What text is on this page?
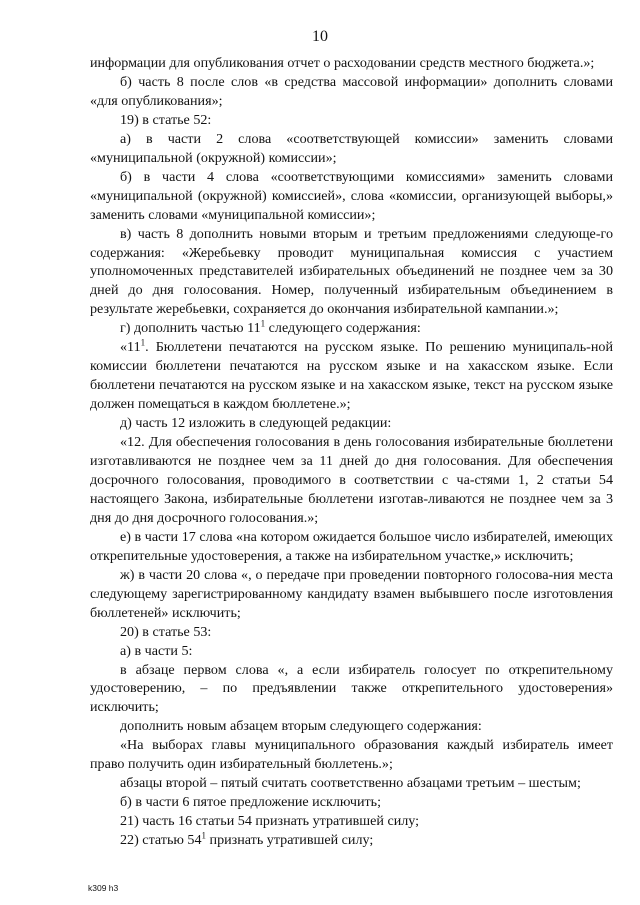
10

информации для опубликования отчет о расходовании средств местного бюджета.»;

б) часть 8 после слов «в средства массовой информации» дополнить словами «для опубликования»;

19) в статье 52:

а) в части 2 слова «соответствующей комиссии» заменить словами «муниципальной (окружной) комиссии»;

б) в части 4 слова «соответствующими комиссиями» заменить словами «муниципальной (окружной) комиссией», слова «комиссии, организующей выборы,» заменить словами «муниципальной комиссии»;

в) часть 8 дополнить новыми вторым и третьим предложениями следующе-го содержания: «Жеребьевку проводит муниципальная комиссия с участием уполномоченных представителей избирательных объединений не позднее чем за 30 дней до дня голосования. Номер, полученный избирательным объединением в результате жеребьевки, сохраняется до окончания избирательной кампании.»;

г) дополнить частью $11^1$ следующего содержания:

«$11^1$. Бюллетени печатаются на русском языке. По решению муниципаль-ной комиссии бюллетени печатаются на русском языке и на хакасском языке. Если бюллетени печатаются на русском языке и на хакасском языке, текст на русском языке должен помещаться в каждом бюллетене.»;

д) часть 12 изложить в следующей редакции:

«12. Для обеспечения голосования в день голосования избирательные бюллетени изготавливаются не позднее чем за 11 дней до дня голосования. Для обеспечения досрочного голосования, проводимого в соответствии с ча-стями 1, 2 статьи 54 настоящего Закона, избирательные бюллетени изготав-ливаются не позднее чем за 3 дня до дня досрочного голосования.»;

е) в части 17 слова «на котором ожидается большое число избирателей, имеющих открепительные удостоверения, а также на избирательном участке,» исключить;

ж) в части 20 слова «, о передаче при проведении повторного голосова-ния места следующему зарегистрированному кандидату взамен выбывшего после изготовления бюллетеней» исключить;

20) в статье 53:

а) в части 5:

в абзаце первом слова «, а если избиратель голосует по открепительному удостоверению, – по предъявлении также открепительного удостоверения» исключить;

дополнить новым абзацем вторым следующего содержания:

«На выборах главы муниципального образования каждый избиратель имеет право получить один избирательный бюллетень.»;

абзацы второй – пятый считать соответственно абзацами третьим – шестым;

б) в части 6 пятое предложение исключить;

21) часть 16 статьи 54 признать утратившей силу;

22) статью $54^1$ признать утратившей силу;

k309 h3
